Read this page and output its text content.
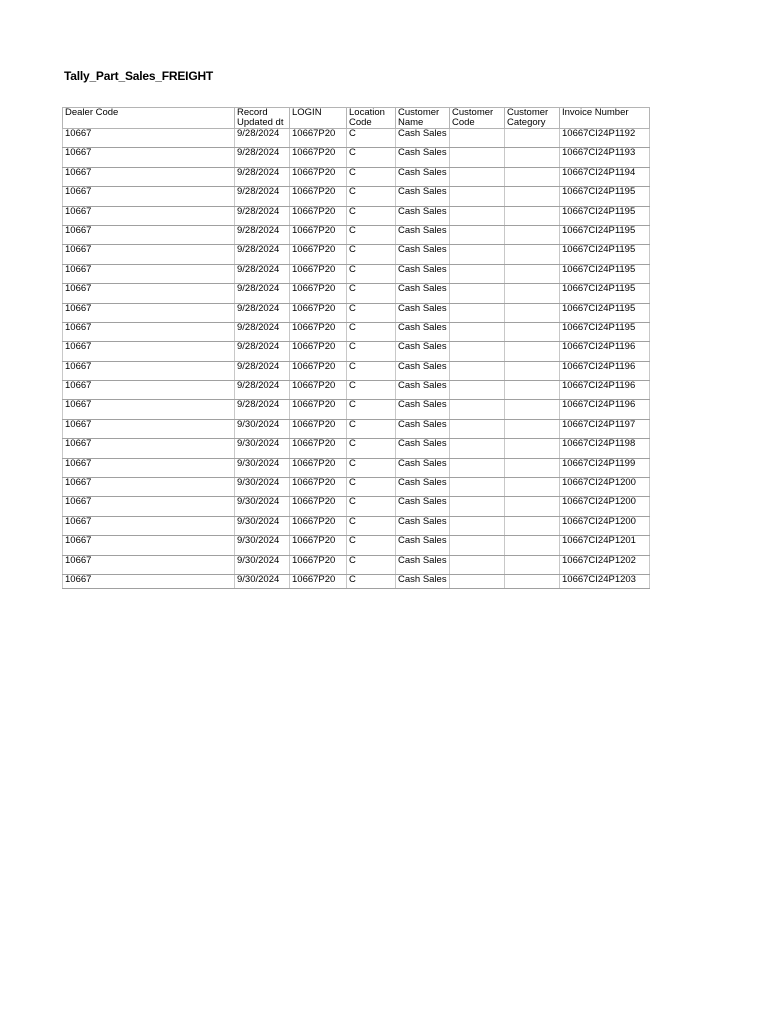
Tally_Part_Sales_FREIGHT
Dealer Code	Record Updated dt	LOGIN	Location Code	Customer Name	Customer Code	Customer Category	Invoice Number
10667	9/28/2024	10667P20	C	Cash Sales			10667CI24P1192
10667	9/28/2024	10667P20	C	Cash Sales			10667CI24P1193
10667	9/28/2024	10667P20	C	Cash Sales			10667CI24P1194
10667	9/28/2024	10667P20	C	Cash Sales			10667CI24P1195
10667	9/28/2024	10667P20	C	Cash Sales			10667CI24P1195
10667	9/28/2024	10667P20	C	Cash Sales			10667CI24P1195
10667	9/28/2024	10667P20	C	Cash Sales			10667CI24P1195
10667	9/28/2024	10667P20	C	Cash Sales			10667CI24P1195
10667	9/28/2024	10667P20	C	Cash Sales			10667CI24P1195
10667	9/28/2024	10667P20	C	Cash Sales			10667CI24P1195
10667	9/28/2024	10667P20	C	Cash Sales			10667CI24P1195
10667	9/28/2024	10667P20	C	Cash Sales			10667CI24P1196
10667	9/28/2024	10667P20	C	Cash Sales			10667CI24P1196
10667	9/28/2024	10667P20	C	Cash Sales			10667CI24P1196
10667	9/28/2024	10667P20	C	Cash Sales			10667CI24P1196
10667	9/30/2024	10667P20	C	Cash Sales			10667CI24P1197
10667	9/30/2024	10667P20	C	Cash Sales			10667CI24P1198
10667	9/30/2024	10667P20	C	Cash Sales			10667CI24P1199
10667	9/30/2024	10667P20	C	Cash Sales			10667CI24P1200
10667	9/30/2024	10667P20	C	Cash Sales			10667CI24P1200
10667	9/30/2024	10667P20	C	Cash Sales			10667CI24P1200
10667	9/30/2024	10667P20	C	Cash Sales			10667CI24P1201
10667	9/30/2024	10667P20	C	Cash Sales			10667CI24P1202
10667	9/30/2024	10667P20	C	Cash Sales			10667CI24P1203
